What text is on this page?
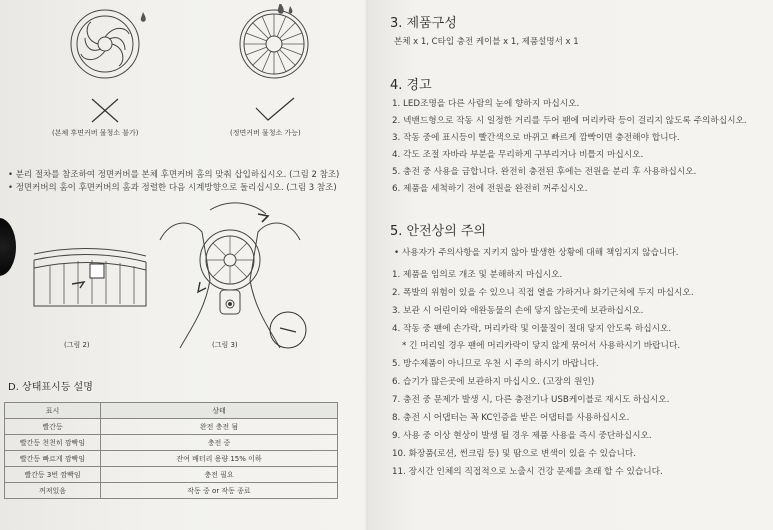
(본체 후면커버 물청소 불가)	(정면커버 물청소 가능)
• 분리 절차를 참조하여 정면커버를 본체 후면커버 홈의 맞춰 삽입하십시오. (그림 2 참조)
• 정면커버의 홈이 후면커버의 홈과 정렬한 다음 시계방향으로 돌리십시오. (그림 3 참조)
(그림 2)	(그림 3)
D. 상태표시등 설명
표시	상태
빨간등	완전 충전 됨
빨간등 천천히 깜빡임	충전 중
빨간등 빠르게 깜빡임	잔여 배터리 용량 15% 이하
빨간등 3번 깜빡임	충전 필요
꺼져있음	작동 중 or 작동 종료
3. 제품구성
본체 x 1, C타입 충전 케이블 x 1, 제품설명서 x 1
4. 경고
1. LED조명을 다른 사람의 눈에 향하지 마십시오.
2. 넥밴드형으로 작동 시 일정한 거리를 두어 팬에 머리카락 등이 걸리지 않도록 주의하십시오.
3. 작동 중에 표시등이 빨간색으로 바뀌고 빠르게 깜빡이면 충전해야 합니다.
4. 각도 조절 자바라 부분을 무리하게 구부리거나 비틀지 마십시오.
5. 충전 중 사용을 금합니다. 완전히 충전된 후에는 전원을 분리 후 사용하십시오.
6. 제품을 세척하기 전에 전원을 완전히 꺼주십시오.
5. 안전상의 주의
• 사용자가 주의사항을 지키지 않아 발생한 상황에 대해 책임지지 않습니다.
1. 제품을 임의로 개조 및 분해하지 마십시오.
2. 폭발의 위험이 있을 수 있으니 직접 열을 가하거나 화기근처에 두지 마십시오.
3. 보관 시 어린이와 애완동물의 손에 닿지 않는곳에 보관하십시오.
4. 작동 중 팬에 손가락, 머리카락 및 이물질이 절대 닿지 안도록 하십시오.
* 긴 머리일 경우 팬에 머리카락이 닿지 않게 묶어서 사용하시기 바랍니다.
5. 방수제품이 아니므로 우천 시 주의 하시기 바랍니다.
6. 습기가 많은곳에 보관하지 마십시오. (고장의 원인)
7. 충전 중 문제가 발생 시, 다른 충전기나 USB케이블로 재시도 하십시오.
8. 충전 시 어댑터는 꼭 KC인증을 받은 어댑터를 사용하십시오.
9. 사용 중 이상 현상이 발생 될 경우 제품 사용을 즉시 중단하십시오.
10. 화장품(로션, 썬크림 등) 및 땀으로 변색이 있을 수 있습니다.
11. 장시간 인체의 직접적으로 노출시 건강 문제를 초래 할 수 있습니다.
